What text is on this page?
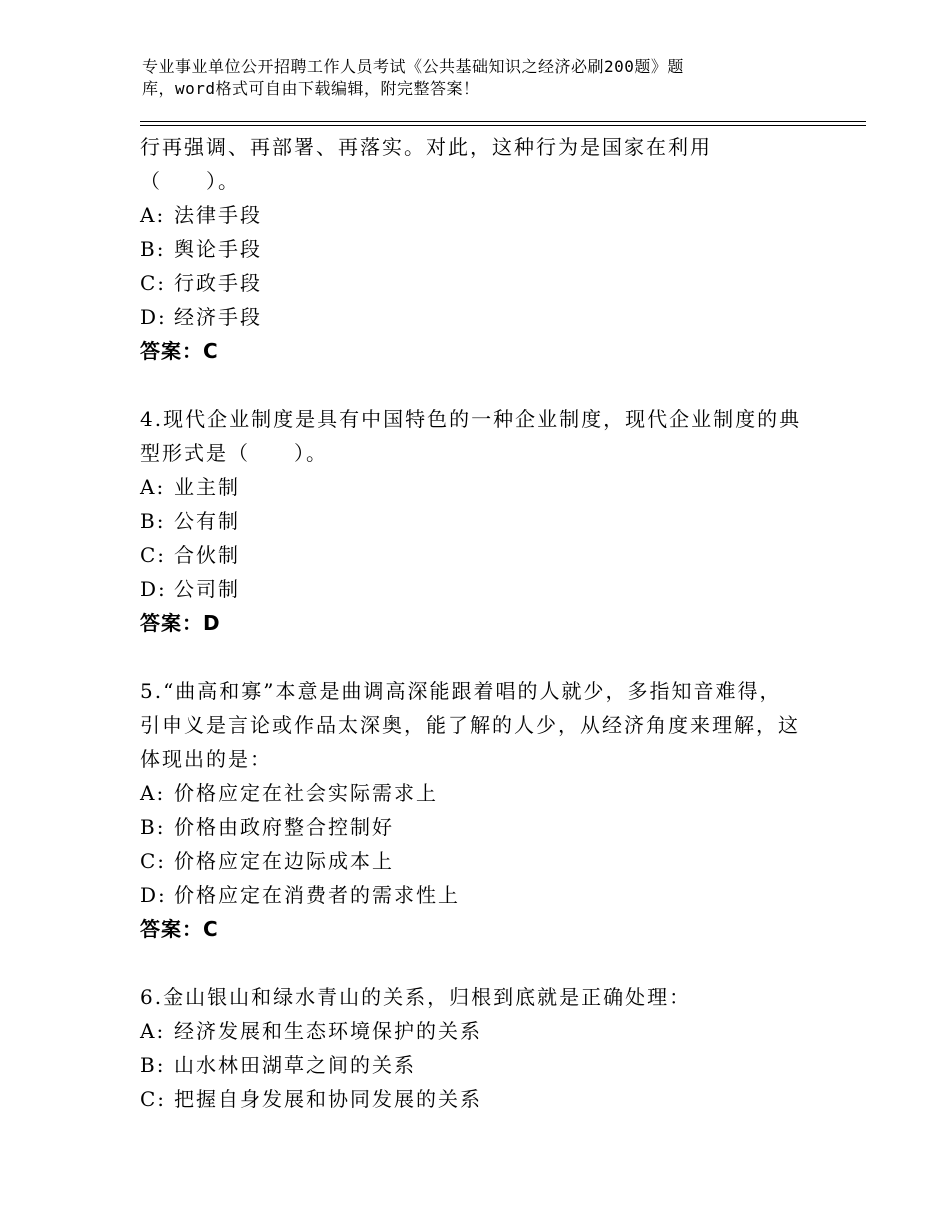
专业事业单位公开招聘工作人员考试《公共基础知识之经济必刷200题》题
库，word格式可自由下载编辑，附完整答案！
行再强调、再部署、再落实。对此，这种行为是国家在利用
（　　）。
A: 法律手段
B: 舆论手段
C: 行政手段
D: 经济手段
答案：C
4.现代企业制度是具有中国特色的一种企业制度，现代企业制度的典
型形式是（　　）。
A: 业主制
B: 公有制
C: 合伙制
D: 公司制
答案：D
5.“曲高和寡”本意是曲调高深能跟着唱的人就少，多指知音难得，
引申义是言论或作品太深奥，能了解的人少，从经济角度来理解，这
体现出的是：
A: 价格应定在社会实际需求上
B: 价格由政府整合控制好
C: 价格应定在边际成本上
D: 价格应定在消费者的需求性上
答案：C
6.金山银山和绿水青山的关系，归根到底就是正确处理：
A: 经济发展和生态环境保护的关系
B: 山水林田湖草之间的关系
C: 把握自身发展和协同发展的关系
